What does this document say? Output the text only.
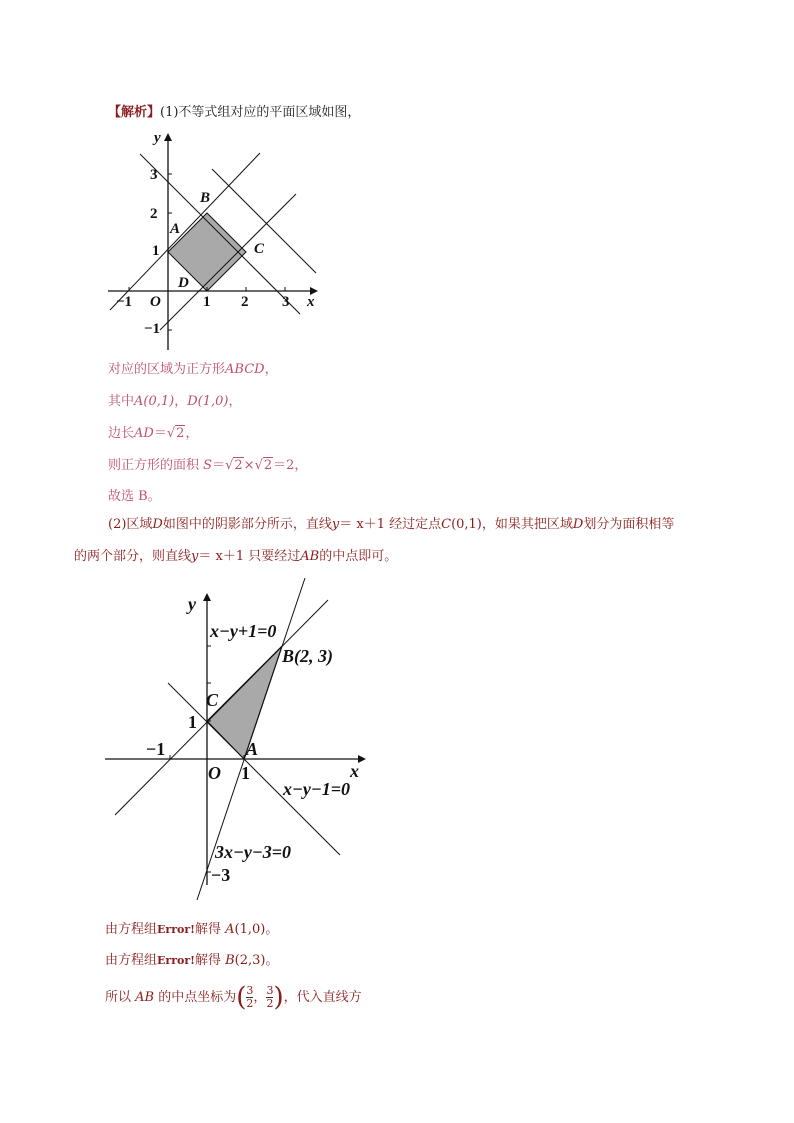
【解析】(1)不等式组对应的平面区域如图，
y
x
O
−1	1 2 3
3
2
1
−1
A
B
C
D
对应的区域为正方形ABCD，
其中A(0,1)，D(1,0)，
边长AD＝√2，
则正方形的面积 S＝√2×√2＝2，
故选 B。
(2)区域D如图中的阴影部分所示，直线y＝ x＋1 经过定点C(0,1)，如果其把区域D划分为面积相等
的两个部分，则直线y＝ x＋1 只要经过AB的中点即可。
y
x
O
−1
1
1
−3
C
A
B(2, 3)
x−y+1=0
x−y−1=0
3x−y−3=0
由方程组Error!解得 A(1,0)。
由方程组Error!解得 B(2,3)。
所以 AB 的中点坐标为( $\frac{3}{2}$ ， $\frac{3}{2}$ )，代入直线方
